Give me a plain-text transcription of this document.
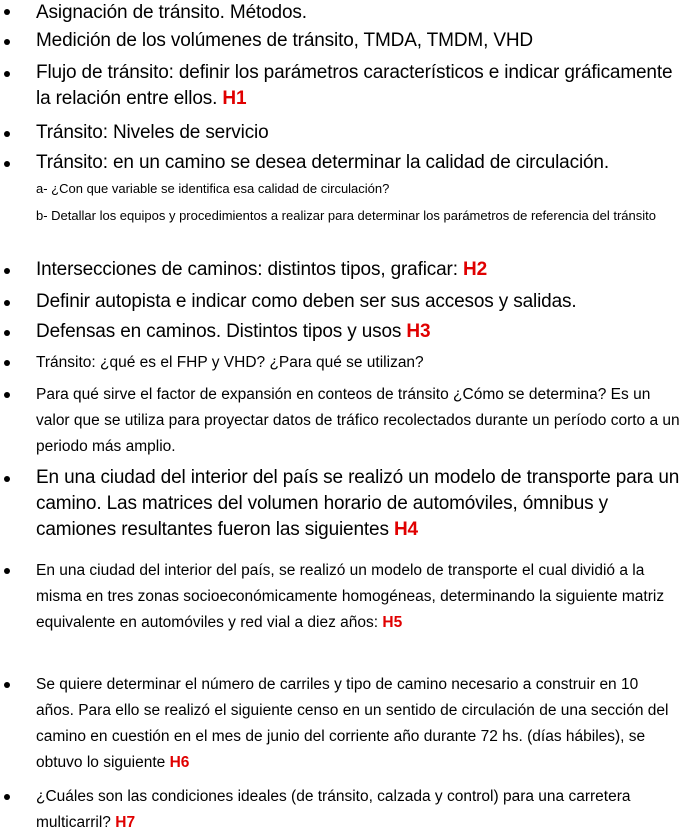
Asignación de tránsito. Métodos.

Medición de los volúmenes de tránsito, TMDA, TMDM, VHD

Flujo de tránsito: definir los parámetros característicos e indicar gráficamente la relación entre ellos. H1

Tránsito: Niveles de servicio

Tránsito: en un camino se desea determinar la calidad de circulación.

a- ¿Con que variable se identifica esa calidad de circulación?

b- Detallar los equipos y procedimientos a realizar para determinar los parámetros de referencia del tránsito

Intersecciones de caminos: distintos tipos, graficar: H2

Definir autopista e indicar como deben ser sus accesos y salidas.

Defensas en caminos. Distintos tipos y usos H3

Tránsito: ¿qué es el FHP y VHD? ¿Para qué se utilizan?

Para qué sirve el factor de expansión en conteos de tránsito ¿Cómo se determina? Es un valor que se utiliza para proyectar datos de tráfico recolectados durante un período corto a un periodo más amplio.

En una ciudad del interior del país se realizó un modelo de transporte para un camino. Las matrices del volumen horario de automóviles, ómnibus y camiones resultantes fueron las siguientes H4

En una ciudad del interior del país, se realizó un modelo de transporte el cual dividió a la misma en tres zonas socioeconómicamente homogéneas, determinando la siguiente matriz equivalente en automóviles y red vial a diez años: H5

Se quiere determinar el número de carriles y tipo de camino necesario a construir en 10 años. Para ello se realizó el siguiente censo en un sentido de circulación de una sección del camino en cuestión en el mes de junio del corriente año durante 72 hs. (días hábiles), se obtuvo lo siguiente H6

¿Cuáles son las condiciones ideales (de tránsito, calzada y control) para una carretera multicarril? H7
